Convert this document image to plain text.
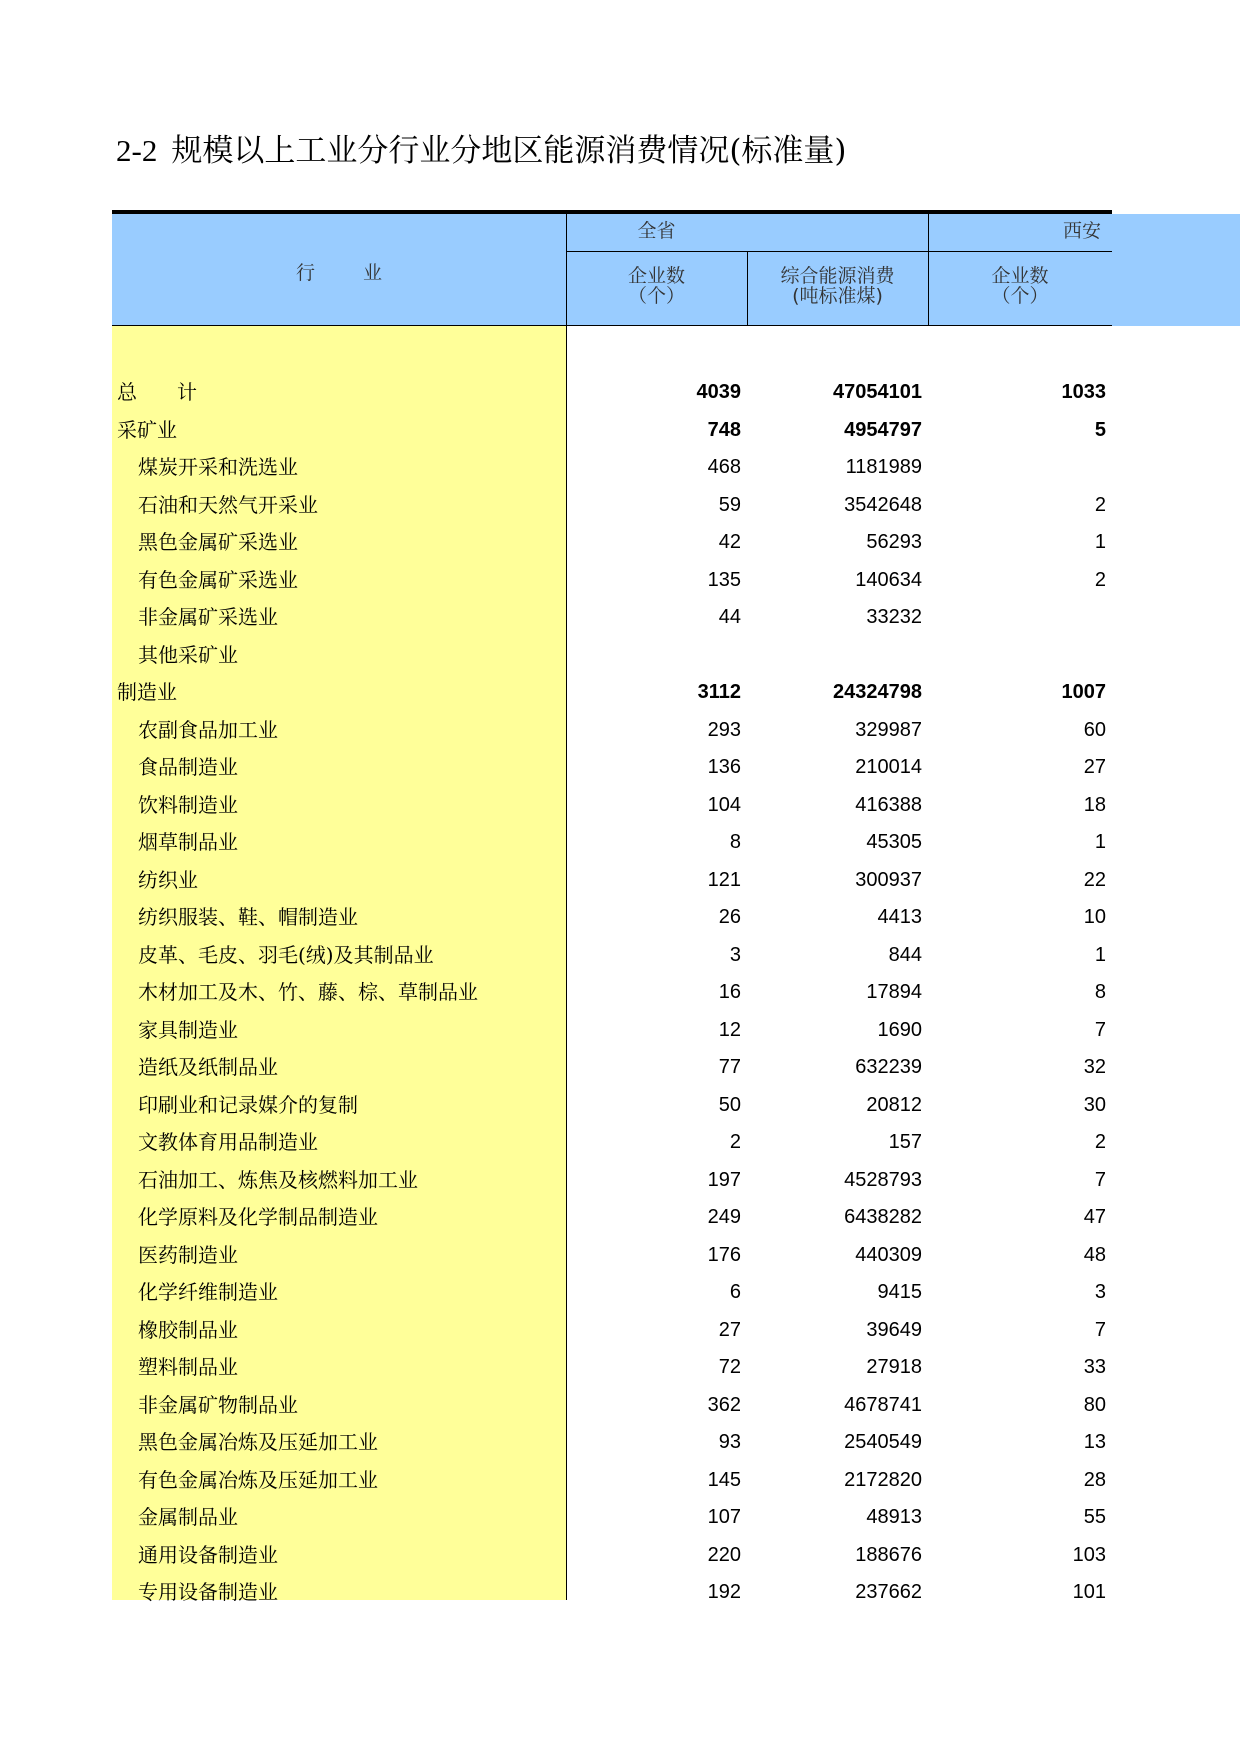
2-2 规模以上工业分行业分地区能源消费情况(标准量)
行	业
全省	西安
企业数
（个）
综合能源消费
(吨标准煤)
企业数
（个）
总　　计	4039	47054101	1033
采矿业	748	4954797	5
煤炭开采和洗选业	468	1181989
石油和天然气开采业	59	3542648	2
黑色金属矿采选业	42	56293	1
有色金属矿采选业	135	140634	2
非金属矿采选业	44	33232
其他采矿业
制造业	3112	24324798	1007
农副食品加工业	293	329987	60
食品制造业	136	210014	27
饮料制造业	104	416388	18
烟草制品业	8	45305	1
纺织业	121	300937	22
纺织服装、鞋、帽制造业	26	4413	10
皮革、毛皮、羽毛(绒)及其制品业	3	844	1
木材加工及木、竹、藤、棕、草制品业	16	17894	8
家具制造业	12	1690	7
造纸及纸制品业	77	632239	32
印刷业和记录媒介的复制	50	20812	30
文教体育用品制造业	2	157	2
石油加工、炼焦及核燃料加工业	197	4528793	7
化学原料及化学制品制造业	249	6438282	47
医药制造业	176	440309	48
化学纤维制造业	6	9415	3
橡胶制品业	27	39649	7
塑料制品业	72	27918	33
非金属矿物制品业	362	4678741	80
黑色金属冶炼及压延加工业	93	2540549	13
有色金属冶炼及压延加工业	145	2172820	28
金属制品业	107	48913	55
通用设备制造业	220	188676	103
专用设备制造业	192	237662	101
